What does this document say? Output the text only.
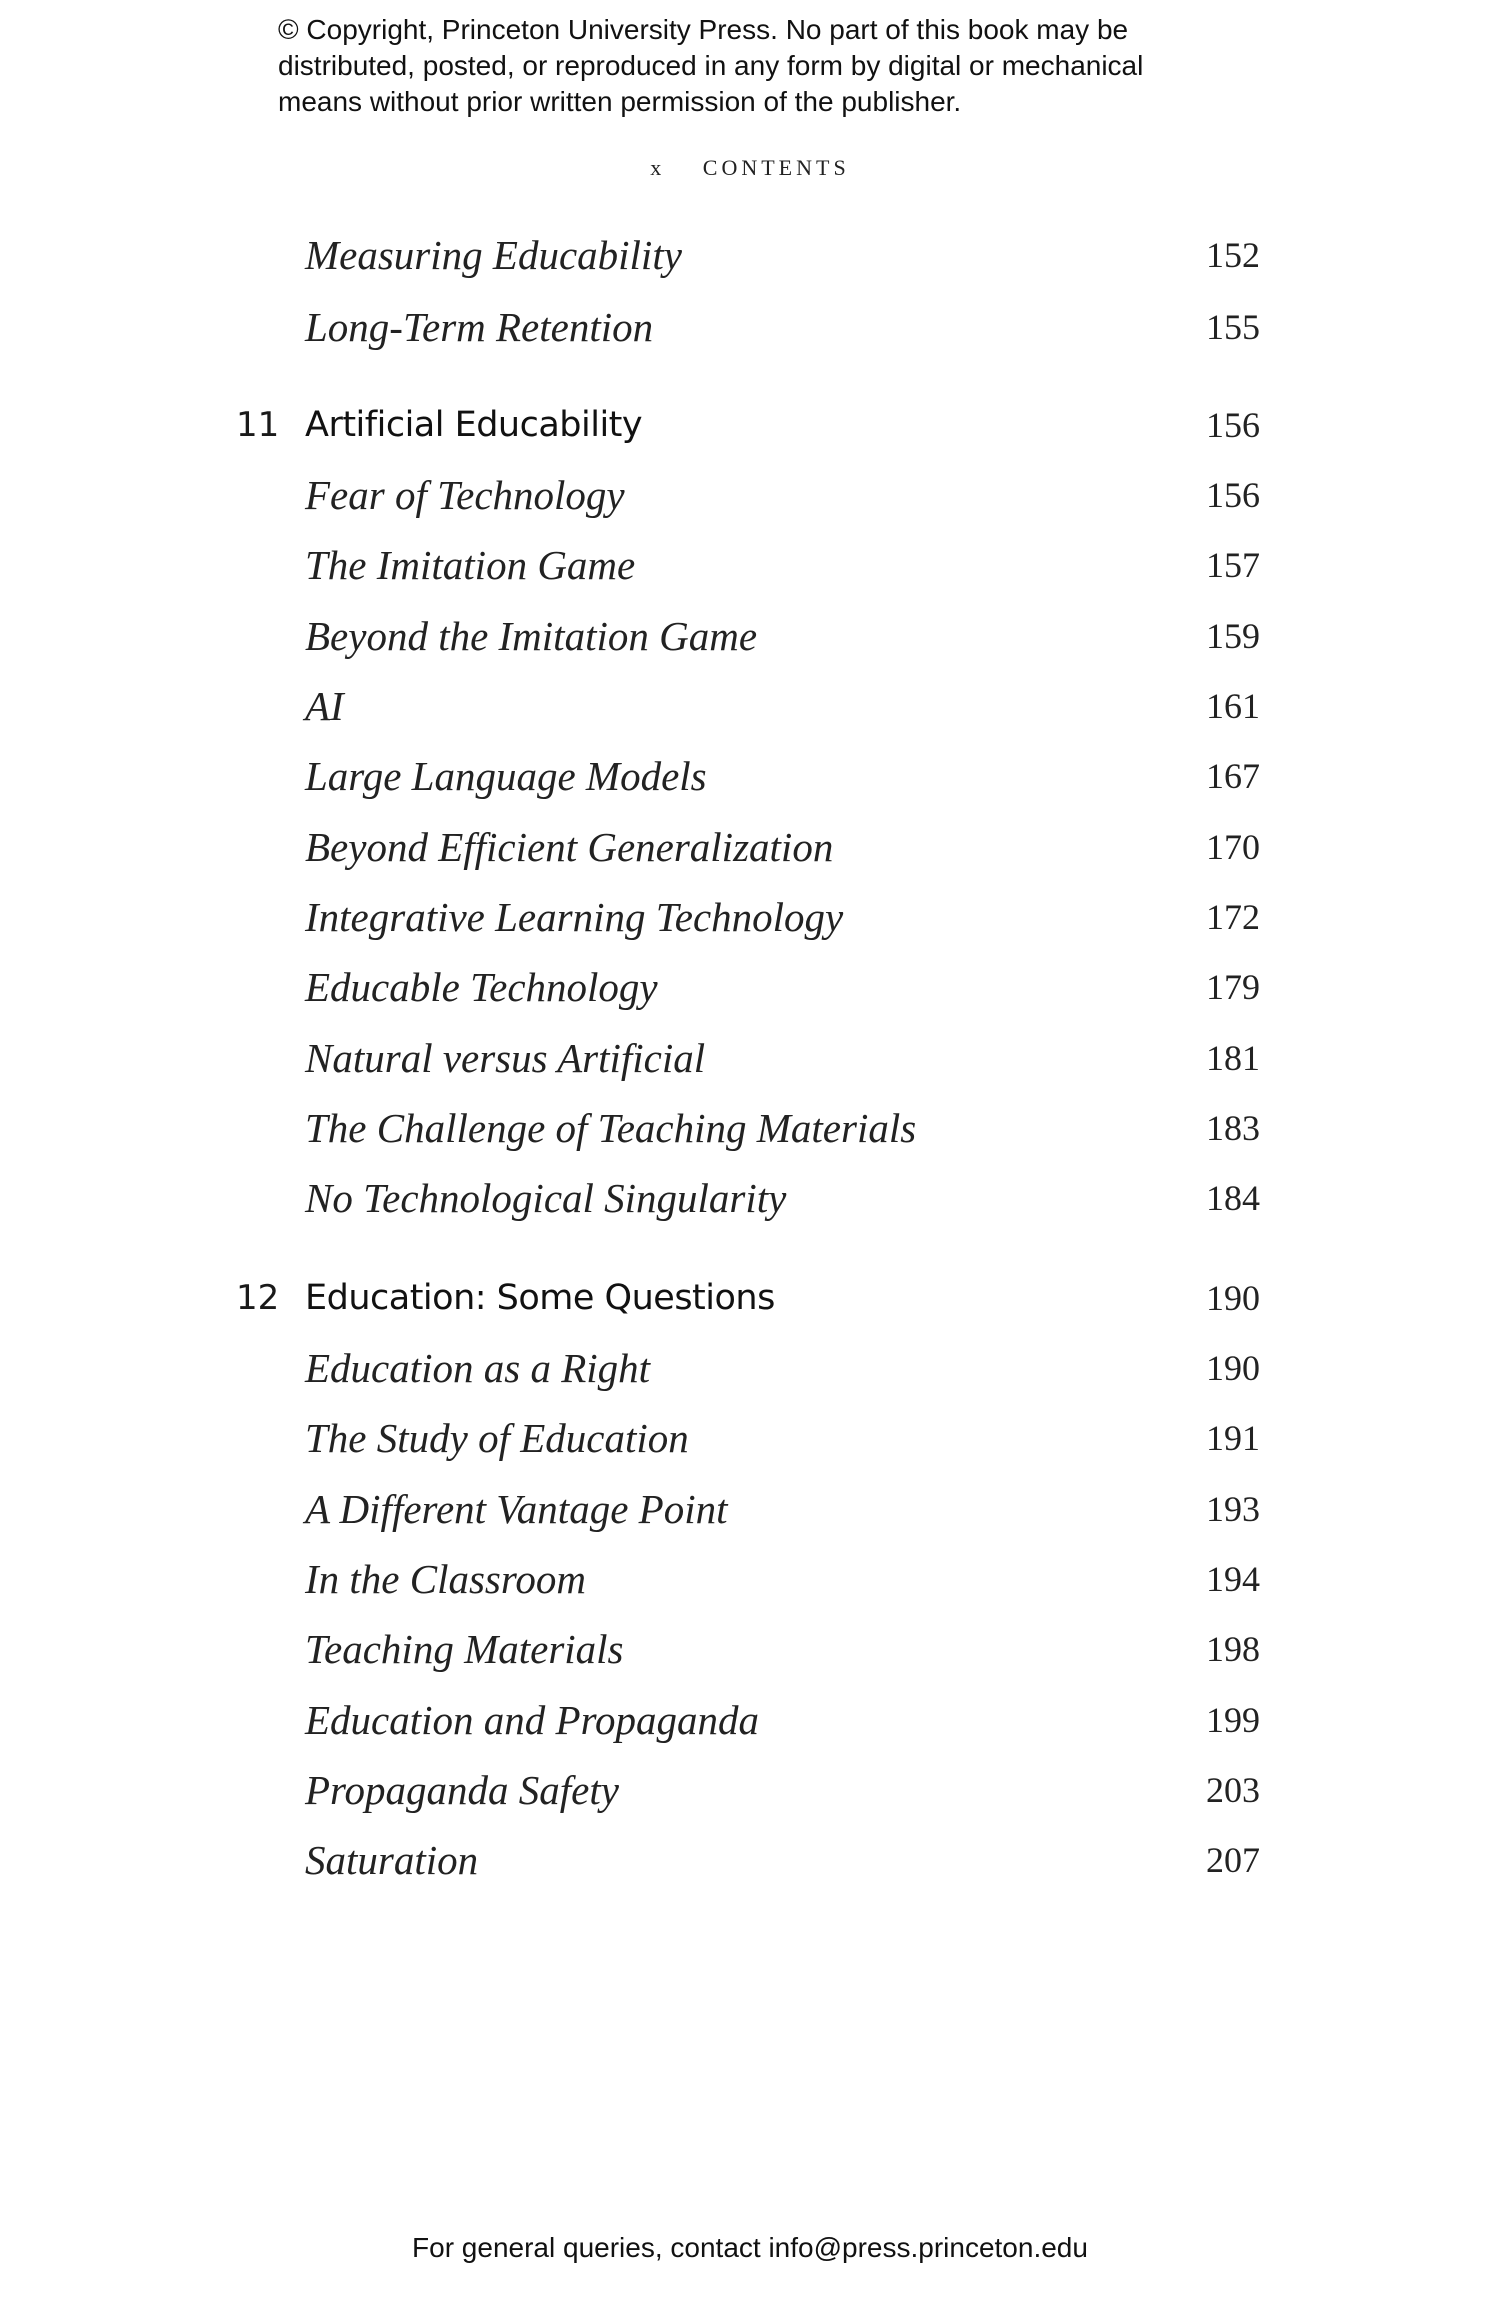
© Copyright, Princeton University Press. No part of this book may be
distributed, posted, or reproduced in any form by digital or mechanical
means without prior written permission of the publisher.
x CONTENTS
Measuring Educability	152
Long-Term Retention	155
11 Artificial Educability	156
Fear of Technology	156
The Imitation Game	157
Beyond the Imitation Game	159
AI	161
Large Language Models	167
Beyond Efficient Generalization	170
Integrative Learning Technology	172
Educable Technology	179
Natural versus Artificial	181
The Challenge of Teaching Materials	183
No Technological Singularity	184
12 Education: Some Questions	190
Education as a Right	190
The Study of Education	191
A Different Vantage Point	193
In the Classroom	194
Teaching Materials	198
Education and Propaganda	199
Propaganda Safety	203
Saturation	207
For general queries, contact info@press.princeton.edu
